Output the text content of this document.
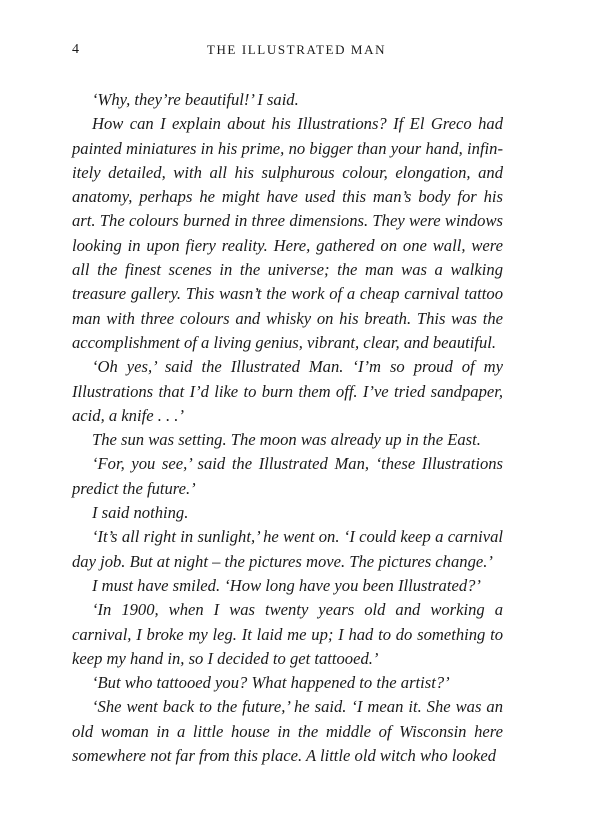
4	THE ILLUSTRATED MAN

‘Why, they’re beautiful!’ I said.

How can I explain about his Illustrations? If El Greco had painted miniatures in his prime, no bigger than your hand, infinitely detailed, with all his sulphurous colour, elongation, and anatomy, perhaps he might have used this man’s body for his art. The colours burned in three dimensions. They were windows looking in upon fiery reality. Here, gathered on one wall, were all the finest scenes in the universe; the man was a walking treasure gallery. This wasn’t the work of a cheap carnival tattoo man with three colours and whisky on his breath. This was the accomplishment of a living genius, vibrant, clear, and beautiful.

‘Oh yes,’ said the Illustrated Man. ‘I’m so proud of my Illustrations that I’d like to burn them off. I’ve tried sandpaper, acid, a knife . . .’

The sun was setting. The moon was already up in the East.

‘For, you see,’ said the Illustrated Man, ‘these Illustrations predict the future.’

I said nothing.

‘It’s all right in sunlight,’ he went on. ‘I could keep a carnival day job. But at night – the pictures move. The pictures change.’

I must have smiled. ‘How long have you been Illustrated?’

‘In 1900, when I was twenty years old and working a carnival, I broke my leg. It laid me up; I had to do something to keep my hand in, so I decided to get tattooed.’

‘But who tattooed you? What happened to the artist?’

‘She went back to the future,’ he said. ‘I mean it. She was an old woman in a little house in the middle of Wisconsin here somewhere not far from this place. A little old witch who looked
